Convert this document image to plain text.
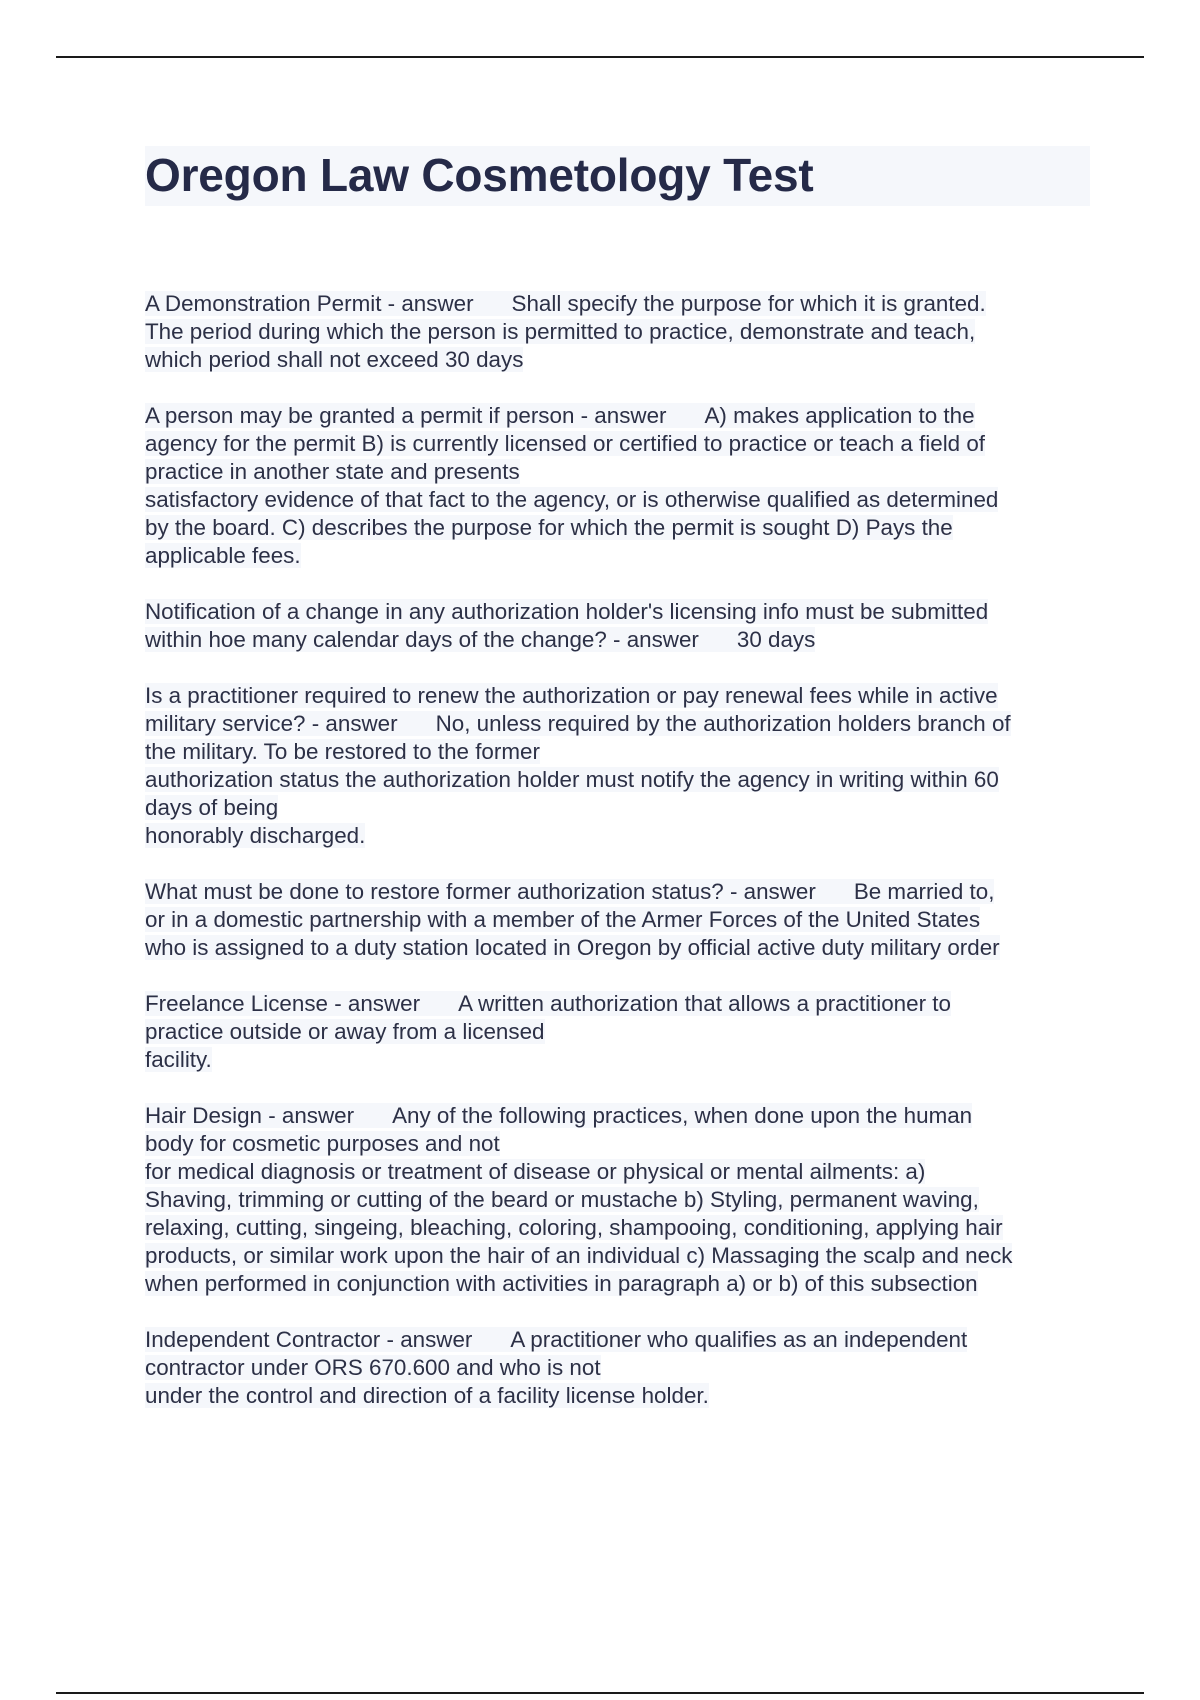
Oregon Law Cosmetology Test

A Demonstration Permit - answer Shall specify the purpose for which it is granted.
The period during which the person is permitted to practice, demonstrate and teach,
which period shall not exceed 30 days

A person may be granted a permit if person - answer A) makes application to the
agency for the permit B) is currently licensed or certified to practice or teach a field of
practice in another state and presents
satisfactory evidence of that fact to the agency, or is otherwise qualified as determined
by the board. C) describes the purpose for which the permit is sought D) Pays the
applicable fees.

Notification of a change in any authorization holder's licensing info must be submitted
within hoe many calendar days of the change? - answer 30 days

Is a practitioner required to renew the authorization or pay renewal fees while in active
military service? - answer No, unless required by the authorization holders branch of
the military. To be restored to the former
authorization status the authorization holder must notify the agency in writing within 60
days of being
honorably discharged.

What must be done to restore former authorization status? - answer Be married to,
or in a domestic partnership with a member of the Armer Forces of the United States
who is assigned to a duty station located in Oregon by official active duty military order

Freelance License - answer A written authorization that allows a practitioner to
practice outside or away from a licensed
facility.

Hair Design - answer Any of the following practices, when done upon the human
body for cosmetic purposes and not
for medical diagnosis or treatment of disease or physical or mental ailments: a)
Shaving, trimming or cutting of the beard or mustache b) Styling, permanent waving,
relaxing, cutting, singeing, bleaching, coloring, shampooing, conditioning, applying hair
products, or similar work upon the hair of an individual c) Massaging the scalp and neck
when performed in conjunction with activities in paragraph a) or b) of this subsection

Independent Contractor - answer A practitioner who qualifies as an independent
contractor under ORS 670.600 and who is not
under the control and direction of a facility license holder.
